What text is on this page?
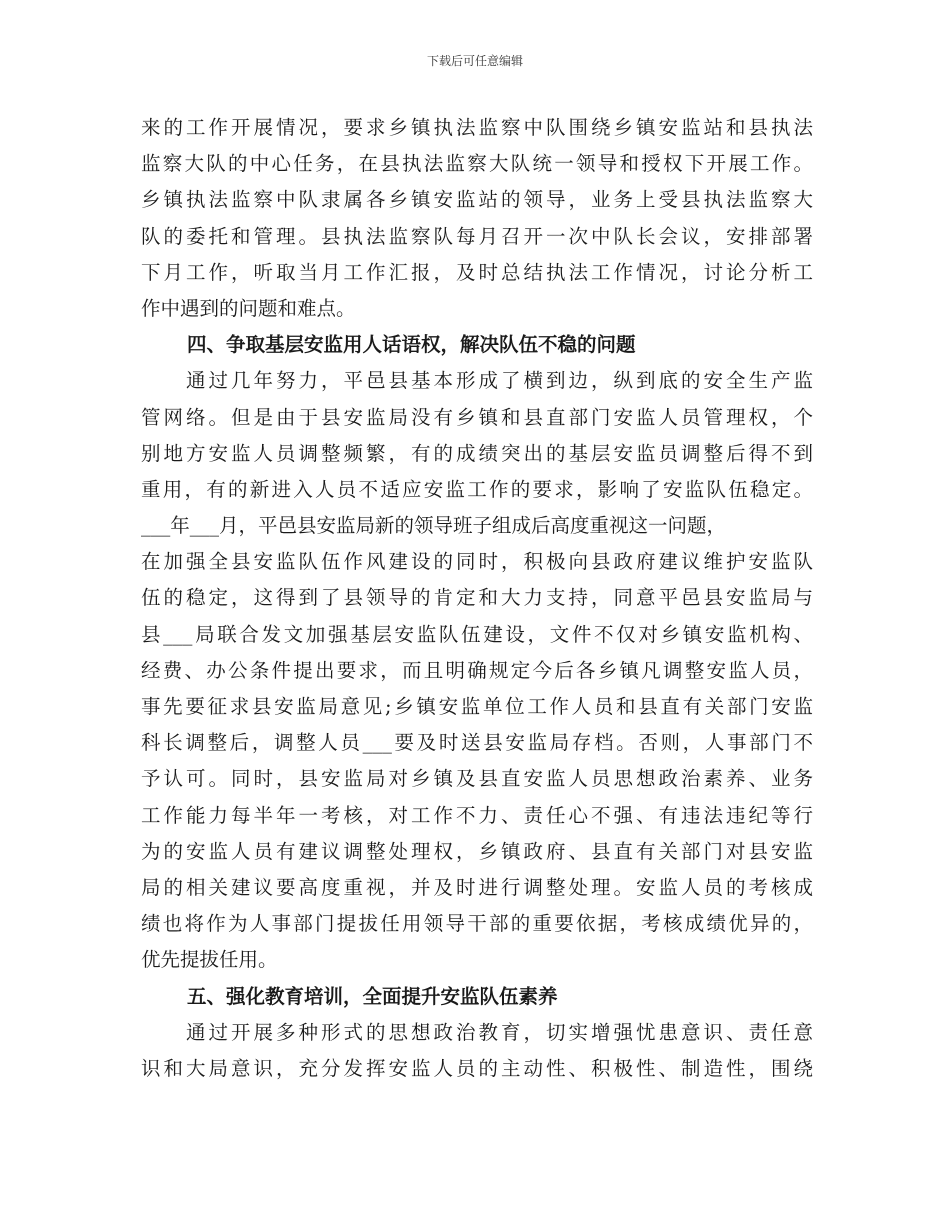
下载后可任意编辑
来的工作开展情况，要求乡镇执法监察中队围绕乡镇安监站和县执法
监察大队的中心任务，在县执法监察大队统一领导和授权下开展工作。
乡镇执法监察中队隶属各乡镇安监站的领导，业务上受县执法监察大
队的委托和管理。县执法监察队每月召开一次中队长会议，安排部署
下月工作，听取当月工作汇报，及时总结执法工作情况，讨论分析工
作中遇到的问题和难点。
四、争取基层安监用人话语权，解决队伍不稳的问题
　　通过几年努力，平邑县基本形成了横到边，纵到底的安全生产监
管网络。但是由于县安监局没有乡镇和县直部门安监人员管理权，个
别地方安监人员调整频繁，有的成绩突出的基层安监员调整后得不到
重用，有的新进入人员不适应安监工作的要求，影响了安监队伍稳定。
___年___月，平邑县安监局新的领导班子组成后高度重视这一问题，
在加强全县安监队伍作风建设的同时，积极向县政府建议维护安监队
伍的稳定，这得到了县领导的肯定和大力支持，同意平邑县安监局与
县___局联合发文加强基层安监队伍建设，文件不仅对乡镇安监机构、
经费、办公条件提出要求，而且明确规定今后各乡镇凡调整安监人员，
事先要征求县安监局意见;乡镇安监单位工作人员和县直有关部门安监
科长调整后，调整人员___要及时送县安监局存档。否则，人事部门不
予认可。同时，县安监局对乡镇及县直安监人员思想政治素养、业务
工作能力每半年一考核，对工作不力、责任心不强、有违法违纪等行
为的安监人员有建议调整处理权，乡镇政府、县直有关部门对县安监
局的相关建议要高度重视，并及时进行调整处理。安监人员的考核成
绩也将作为人事部门提拔任用领导干部的重要依据，考核成绩优异的，
优先提拔任用。
五、强化教育培训，全面提升安监队伍素养
　　通过开展多种形式的思想政治教育，切实增强忧患意识、责任意
识和大局意识，充分发挥安监人员的主动性、积极性、制造性，围绕
